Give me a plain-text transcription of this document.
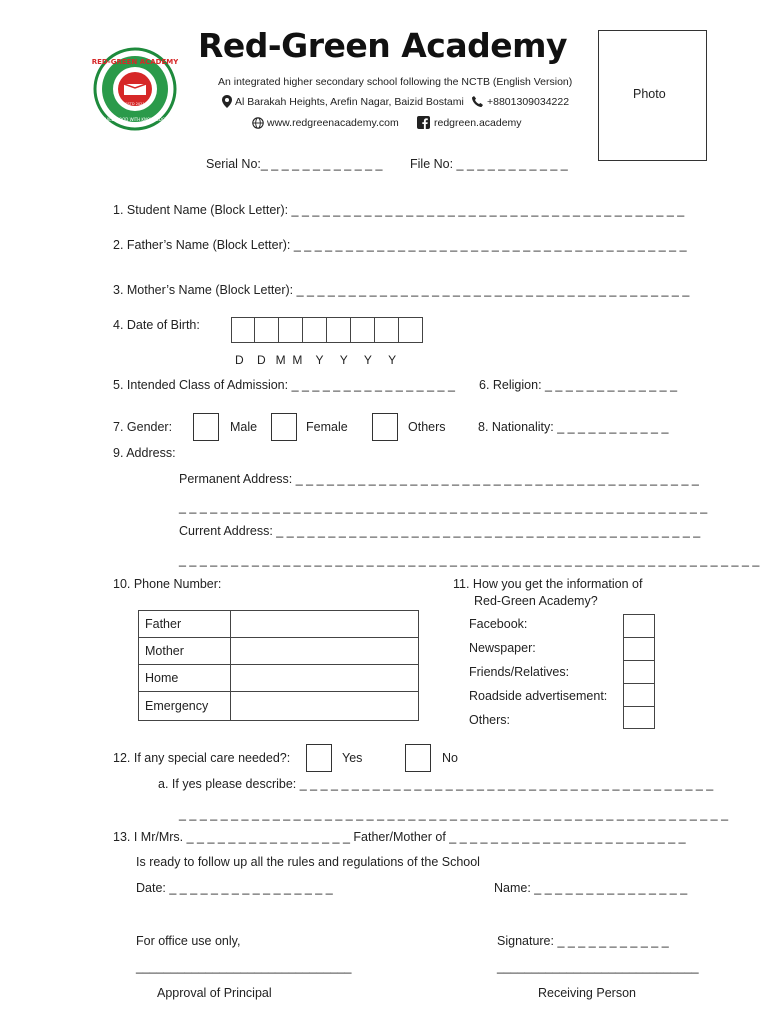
RED-GREEN ACADEMY
BUILD GOOD WITH KNOWLEDGE
ESTD 2021
Red-Green Academy
An integrated higher secondary school following the NCTB (English Version)
Al Barakah Heights, Arefin Nagar, Baizid Bostami +8801309034222
www.redgreenacademy.com	redgreen.academy
Photo
Serial No:_ _ _ _ _ _ _ _ _ _ _ _ File No: _ _ _ _ _ _ _ _ _ _ _
1. Student Name (Block Letter): _ _ _ _ _ _ _ _ _ _ _ _ _ _ _ _ _ _ _ _ _ _ _ _ _ _ _ _ _ _ _ _ _ _ _ _ _ _
2. Father’s Name (Block Letter): _ _ _ _ _ _ _ _ _ _ _ _ _ _ _ _ _ _ _ _ _ _ _ _ _ _ _ _ _ _ _ _ _ _ _ _ _ _
3. Mother’s Name (Block Letter): _ _ _ _ _ _ _ _ _ _ _ _ _ _ _ _ _ _ _ _ _ _ _ _ _ _ _ _ _ _ _ _ _ _ _ _ _ _
4. Date of Birth:
D    D   M  M    Y     Y     Y     Y
5. Intended Class of Admission: _ _ _ _ _ _ _ _ _ _ _ _ _ _ _ _ 6. Religion: _ _ _ _ _ _ _ _ _ _ _ _ _
7. Gender:	Male	Female	Others	8. Nationality: _ _ _ _ _ _ _ _ _ _ _
9. Address:
Permanent Address: _ _ _ _ _ _ _ _ _ _ _ _ _ _ _ _ _ _ _ _ _ _ _ _ _ _ _ _ _ _ _ _ _ _ _ _ _ _ _
_ _ _ _ _ _ _ _ _ _ _ _ _ _ _ _ _ _ _ _ _ _ _ _ _ _ _ _ _ _ _ _ _ _ _ _ _ _ _ _ _ _ _ _ _ _ _ _ _ _ _
Current Address: _ _ _ _ _ _ _ _ _ _ _ _ _ _ _ _ _ _ _ _ _ _ _ _ _ _ _ _ _ _ _ _ _ _ _ _ _ _ _ _ _
_ _ _ _ _ _ _ _ _ _ _ _ _ _ _ _ _ _ _ _ _ _ _ _ _ _ _ _ _ _ _ _ _ _ _ _ _ _ _ _ _ _ _ _ _ _ _ _ _ _ _ _ _ _ _ _
10. Phone Number:
Father	
Mother	
Home	
Emergency	
11. How you get the information of
Red-Green Academy?
Facebook:
Newspaper:
Friends/Relatives:
Roadside advertisement:
Others:
12. If any special care needed?:	Yes	No
a. If yes please describe: _ _ _ _ _ _ _ _ _ _ _ _ _ _ _ _ _ _ _ _ _ _ _ _ _ _ _ _ _ _ _ _ _ _ _ _ _ _ _ _
_ _ _ _ _ _ _ _ _ _ _ _ _ _ _ _ _ _ _ _ _ _ _ _ _ _ _ _ _ _ _ _ _ _ _ _ _ _ _ _ _ _ _ _ _ _ _ _ _ _ _ _ _
13. I Mr/Mrs. _ _ _ _ _ _ _ _ _ _ _ _ _ _ _ _ Father/Mother of _ _ _ _ _ _ _ _ _ _ _ _ _ _ _ _ _ _ _ _ _ _ _
Is ready to follow up all the rules and regulations of the School
Date: _ _ _ _ _ _ _ _ _ _ _ _ _ _ _ _	Name: _ _ _ _ _ _ _ _ _ _ _ _ _ _ _
For office use only,	Signature: _ _ _ _ _ _ _ _ _ _ _
_______________________________	_____________________________
Approval of Principal	Receiving Person
